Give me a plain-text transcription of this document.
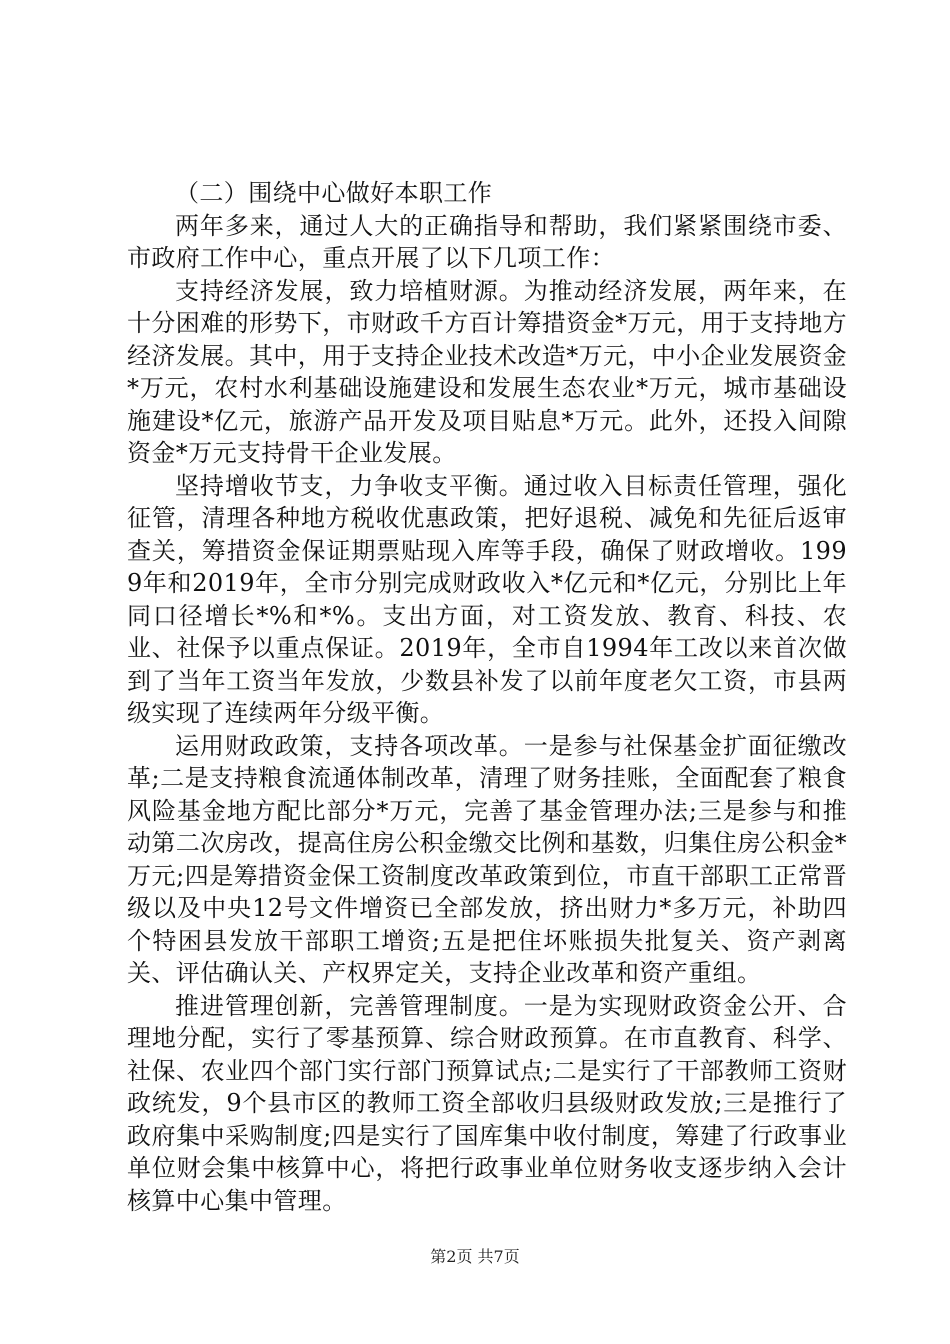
（二）围绕中心做好本职工作

两年多来，通过人大的正确指导和帮助，我们紧紧围绕市委、市政府工作中心，重点开展了以下几项工作：

支持经济发展，致力培植财源。为推动经济发展，两年来，在十分困难的形势下，市财政千方百计筹措资金*万元，用于支持地方经济发展。其中，用于支持企业技术改造*万元，中小企业发展资金*万元，农村水利基础设施建设和发展生态农业*万元，城市基础设施建设*亿元，旅游产品开发及项目贴息*万元。此外，还投入间隙资金*万元支持骨干企业发展。

坚持增收节支，力争收支平衡。通过收入目标责任管理，强化征管，清理各种地方税收优惠政策，把好退税、减免和先征后返审查关，筹措资金保证期票贴现入库等手段，确保了财政增收。1999年和2019年，全市分别完成财政收入*亿元和*亿元，分别比上年同口径增长*%和*%。支出方面，对工资发放、教育、科技、农业、社保予以重点保证。2019年，全市自1994年工改以来首次做到了当年工资当年发放，少数县补发了以前年度老欠工资，市县两级实现了连续两年分级平衡。

运用财政政策，支持各项改革。一是参与社保基金扩面征缴改革;二是支持粮食流通体制改革，清理了财务挂账，全面配套了粮食风险基金地方配比部分*万元，完善了基金管理办法;三是参与和推动第二次房改，提高住房公积金缴交比例和基数，归集住房公积金*万元;四是筹措资金保工资制度改革政策到位，市直干部职工正常晋级以及中央12号文件增资已全部发放，挤出财力*多万元，补助四个特困县发放干部职工增资;五是把住坏账损失批复关、资产剥离关、评估确认关、产权界定关，支持企业改革和资产重组。

推进管理创新，完善管理制度。一是为实现财政资金公开、合理地分配，实行了零基预算、综合财政预算。在市直教育、科学、社保、农业四个部门实行部门预算试点;二是实行了干部教师工资财政统发，9个县市区的教师工资全部收归县级财政发放;三是推行了政府集中采购制度;四是实行了国库集中收付制度，筹建了行政事业单位财会集中核算中心，将把行政事业单位财务收支逐步纳入会计核算中心集中管理。

第2页 共7页
